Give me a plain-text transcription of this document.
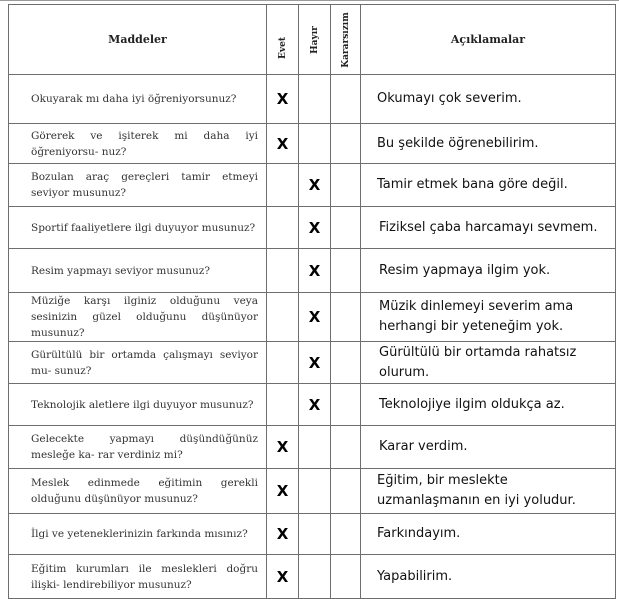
Maddeler	Evet	Hayır	Kararsızım	Açıklamalar
Okuyarak mı daha iyi öğreniyorsunuz?	X			Okumayı çok severim.
Görerek ve işiterek mi daha iyi öğreniyorsu- nuz?	X			Bu şekilde öğrenebilirim.
Bozulan araç gereçleri tamir etmeyi seviyor musunuz?		X		Tamir etmek bana göre değil.
Sportif faaliyetlere ilgi duyuyor musunuz?		X		Fiziksel çaba harcamayı sevmem.
Resim yapmayı seviyor musunuz?		X		Resim yapmaya ilgim yok.
Müziğe karşı ilginiz olduğunu veya sesinizin güzel olduğunu düşünüyor musunuz?		X		Müzik dinlemeyi severim ama herhangi bir yeteneğim yok.
Gürültülü bir ortamda çalışmayı seviyor mu- sunuz?		X		Gürültülü bir ortamda rahatsız olurum.
Teknolojik aletlere ilgi duyuyor musunuz?		X		Teknolojiye ilgim oldukça az.
Gelecekte yapmayı düşündüğünüz mesleğe ka- rar verdiniz mi?	X			Karar verdim.
Meslek edinmede eğitimin gerekli olduğunu düşünüyor musunuz?	X			Eğitim, bir meslekte uzmanlaşmanın en iyi yoludur.
İlgi ve yeteneklerinizin farkında mısınız?	X			Farkındayım.
Eğitim kurumları ile meslekleri doğru ilişki- lendirebiliyor musunuz?	X			Yapabilirim.
